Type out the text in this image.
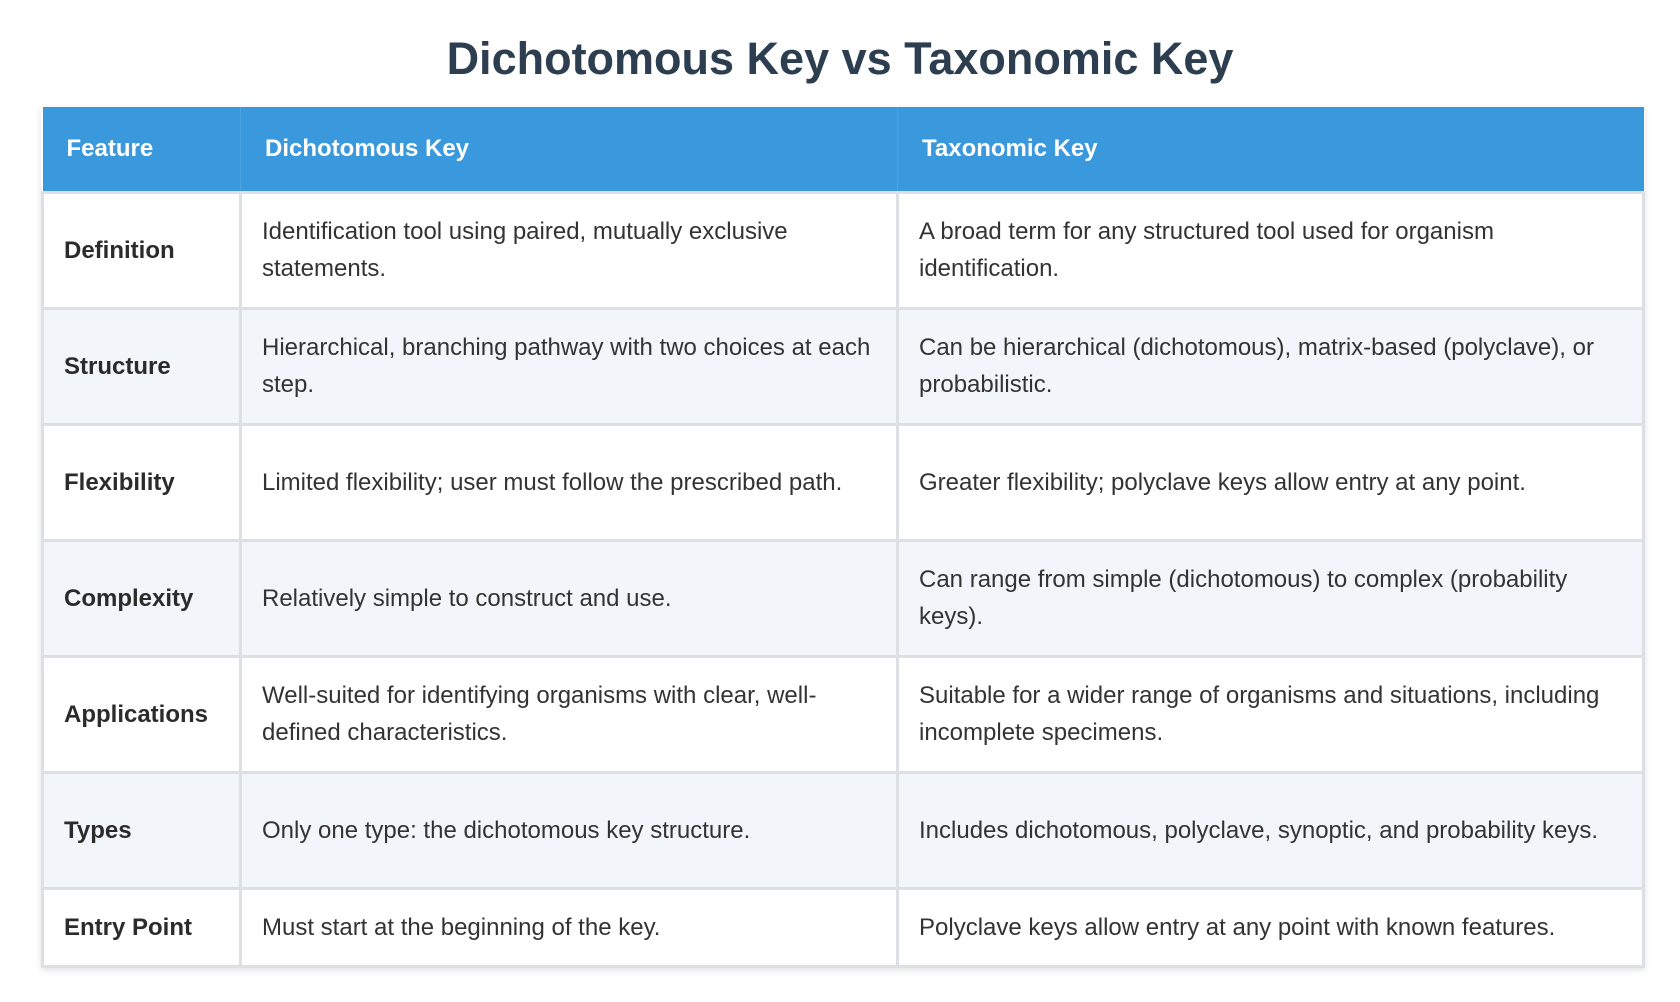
Dichotomous Key vs Taxonomic Key
Feature	Dichotomous Key	Taxonomic Key
Definition	Identification tool using paired, mutually exclusive statements.	A broad term for any structured tool used for organism identification.
Structure	Hierarchical, branching pathway with two choices at each step.	Can be hierarchical (dichotomous), matrix-based (polyclave), or probabilistic.
Flexibility	Limited flexibility; user must follow the prescribed path.	Greater flexibility; polyclave keys allow entry at any point.
Complexity	Relatively simple to construct and use.	Can range from simple (dichotomous) to complex (probability keys).
Applications	Well-suited for identifying organisms with clear, well-defined characteristics.	Suitable for a wider range of organisms and situations, including incomplete specimens.
Types	Only one type: the dichotomous key structure.	Includes dichotomous, polyclave, synoptic, and probability keys.
Entry Point	Must start at the beginning of the key.	Polyclave keys allow entry at any point with known features.
